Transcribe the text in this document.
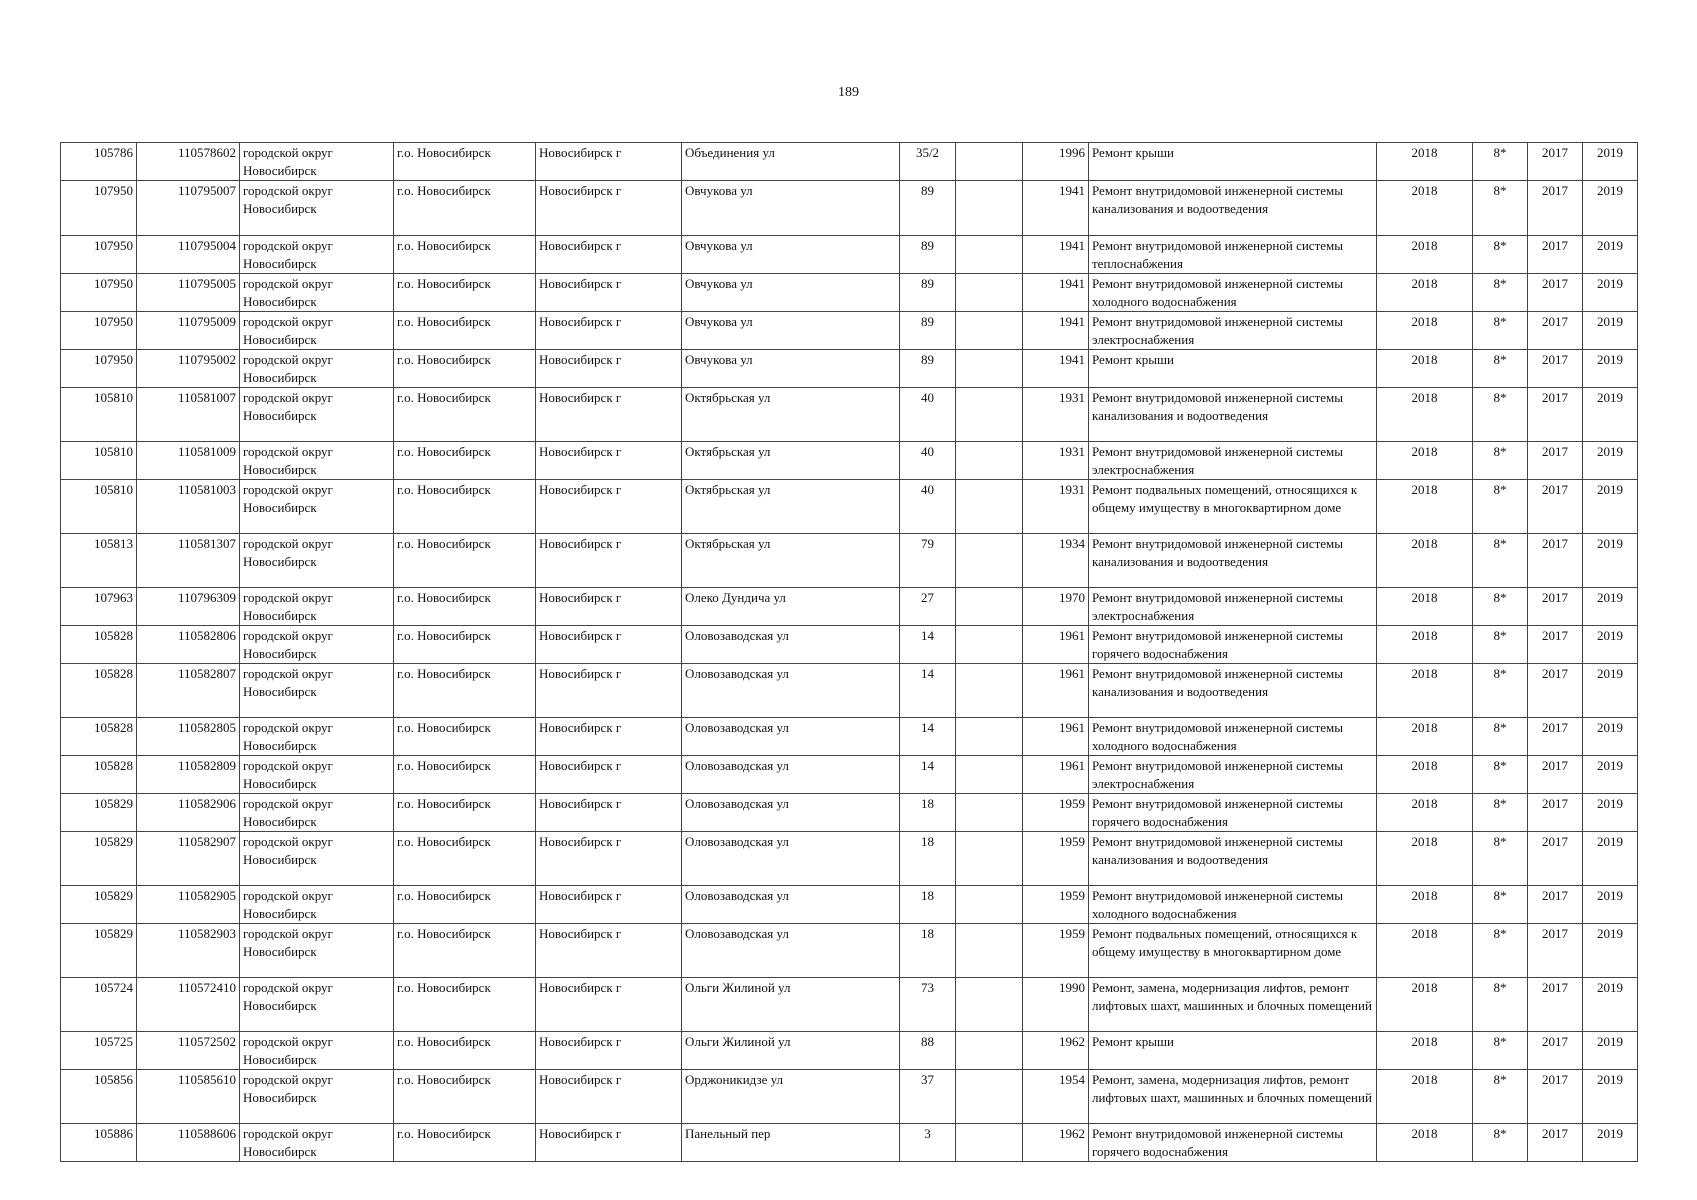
189
105786	110578602	городской округ Новосибирск	г.о. Новосибирск	Новосибирск г	Объединения ул	35/2		1996	Ремонт крыши	2018	8*	2017	2019
107950	110795007	городской округ Новосибирск	г.о. Новосибирск	Новосибирск г	Овчукова ул	89		1941	Ремонт внутридомовой инженерной системы канализования и водоотведения	2018	8*	2017	2019
107950	110795004	городской округ Новосибирск	г.о. Новосибирск	Новосибирск г	Овчукова ул	89		1941	Ремонт внутридомовой инженерной системы теплоснабжения	2018	8*	2017	2019
107950	110795005	городской округ Новосибирск	г.о. Новосибирск	Новосибирск г	Овчукова ул	89		1941	Ремонт внутридомовой инженерной системы холодного водоснабжения	2018	8*	2017	2019
107950	110795009	городской округ Новосибирск	г.о. Новосибирск	Новосибирск г	Овчукова ул	89		1941	Ремонт внутридомовой инженерной системы электроснабжения	2018	8*	2017	2019
107950	110795002	городской округ Новосибирск	г.о. Новосибирск	Новосибирск г	Овчукова ул	89		1941	Ремонт крыши	2018	8*	2017	2019
105810	110581007	городской округ Новосибирск	г.о. Новосибирск	Новосибирск г	Октябрьская ул	40		1931	Ремонт внутридомовой инженерной системы канализования и водоотведения	2018	8*	2017	2019
105810	110581009	городской округ Новосибирск	г.о. Новосибирск	Новосибирск г	Октябрьская ул	40		1931	Ремонт внутридомовой инженерной системы электроснабжения	2018	8*	2017	2019
105810	110581003	городской округ Новосибирск	г.о. Новосибирск	Новосибирск г	Октябрьская ул	40		1931	Ремонт подвальных помещений, относящихся к общему имуществу в многоквартирном доме	2018	8*	2017	2019
105813	110581307	городской округ Новосибирск	г.о. Новосибирск	Новосибирск г	Октябрьская ул	79		1934	Ремонт внутридомовой инженерной системы канализования и водоотведения	2018	8*	2017	2019
107963	110796309	городской округ Новосибирск	г.о. Новосибирск	Новосибирск г	Олеко Дундича ул	27		1970	Ремонт внутридомовой инженерной системы электроснабжения	2018	8*	2017	2019
105828	110582806	городской округ Новосибирск	г.о. Новосибирск	Новосибирск г	Оловозаводская ул	14		1961	Ремонт внутридомовой инженерной системы горячего водоснабжения	2018	8*	2017	2019
105828	110582807	городской округ Новосибирск	г.о. Новосибирск	Новосибирск г	Оловозаводская ул	14		1961	Ремонт внутридомовой инженерной системы канализования и водоотведения	2018	8*	2017	2019
105828	110582805	городской округ Новосибирск	г.о. Новосибирск	Новосибирск г	Оловозаводская ул	14		1961	Ремонт внутридомовой инженерной системы холодного водоснабжения	2018	8*	2017	2019
105828	110582809	городской округ Новосибирск	г.о. Новосибирск	Новосибирск г	Оловозаводская ул	14		1961	Ремонт внутридомовой инженерной системы электроснабжения	2018	8*	2017	2019
105829	110582906	городской округ Новосибирск	г.о. Новосибирск	Новосибирск г	Оловозаводская ул	18		1959	Ремонт внутридомовой инженерной системы горячего водоснабжения	2018	8*	2017	2019
105829	110582907	городской округ Новосибирск	г.о. Новосибирск	Новосибирск г	Оловозаводская ул	18		1959	Ремонт внутридомовой инженерной системы канализования и водоотведения	2018	8*	2017	2019
105829	110582905	городской округ Новосибирск	г.о. Новосибирск	Новосибирск г	Оловозаводская ул	18		1959	Ремонт внутридомовой инженерной системы холодного водоснабжения	2018	8*	2017	2019
105829	110582903	городской округ Новосибирск	г.о. Новосибирск	Новосибирск г	Оловозаводская ул	18		1959	Ремонт подвальных помещений, относящихся к общему имуществу в многоквартирном доме	2018	8*	2017	2019
105724	110572410	городской округ Новосибирск	г.о. Новосибирск	Новосибирск г	Ольги Жилиной ул	73		1990	Ремонт, замена, модернизация лифтов, ремонт лифтовых шахт, машинных и блочных помещений	2018	8*	2017	2019
105725	110572502	городской округ Новосибирск	г.о. Новосибирск	Новосибирск г	Ольги Жилиной ул	88		1962	Ремонт крыши	2018	8*	2017	2019
105856	110585610	городской округ Новосибирск	г.о. Новосибирск	Новосибирск г	Орджоникидзе ул	37		1954	Ремонт, замена, модернизация лифтов, ремонт лифтовых шахт, машинных и блочных помещений	2018	8*	2017	2019
105886	110588606	городской округ Новосибирск	г.о. Новосибирск	Новосибирск г	Панельный пер	3		1962	Ремонт внутридомовой инженерной системы горячего водоснабжения	2018	8*	2017	2019
